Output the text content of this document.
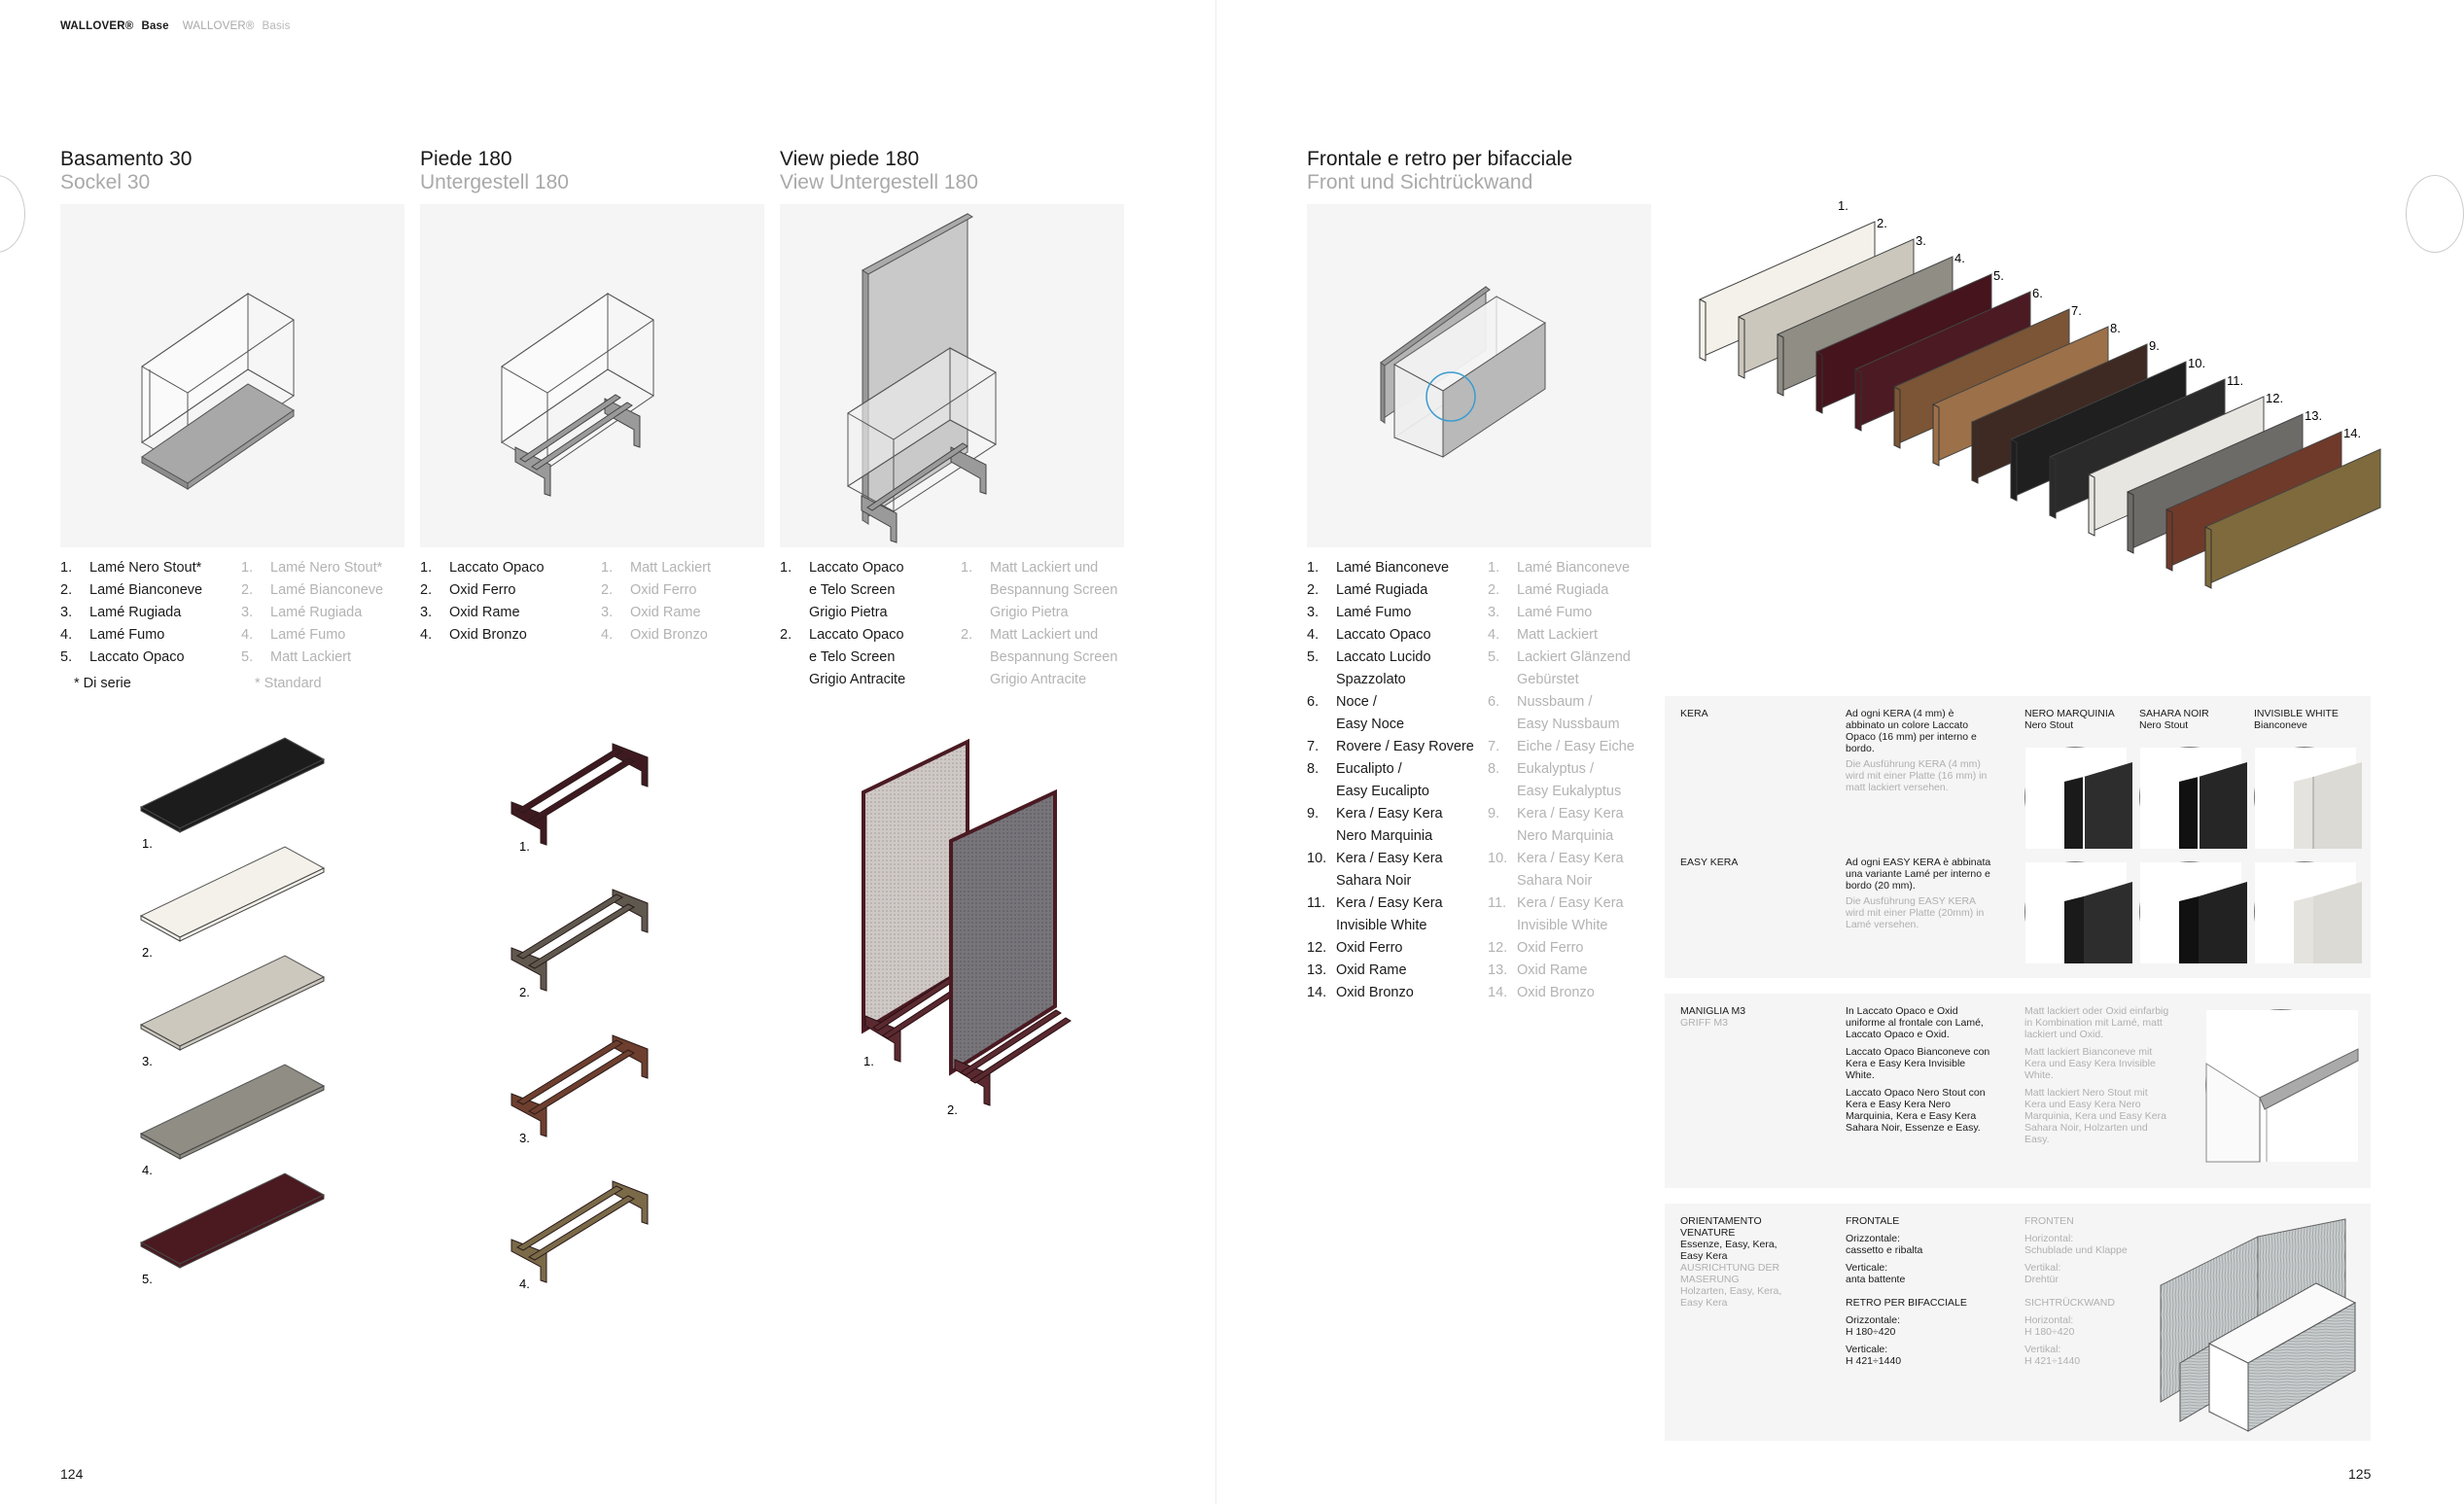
WALLOVER® Base WALLOVER® Basis
124	125
Basamento 30
Sockel 30
Piede 180
Untergestell 180
View piede 180
View Untergestell 180
Frontale e retro per bifacciale
Front und Sichtrückwand
1.	Lamé Nero Stout*
2.	Lamé Bianconeve
3.	Lamé Rugiada
4.	Lamé Fumo
5.	Laccato Opaco
* Di serie
1.	Lamé Nero Stout*
2.	Lamé Bianconeve
3.	Lamé Rugiada
4.	Lamé Fumo
5.	Matt Lackiert
* Standard
1.	Laccato Opaco
2.	Oxid Ferro
3.	Oxid Rame
4.	Oxid Bronzo
1.	Matt Lackiert
2.	Oxid Ferro
3.	Oxid Rame
4.	Oxid Bronzo
1.	Laccato Opaco
e Telo Screen
Grigio Pietra
2.	Laccato Opaco
e Telo Screen
Grigio Antracite
1.	Matt Lackiert und
Bespannung Screen
Grigio Pietra
2.	Matt Lackiert und
Bespannung Screen
Grigio Antracite
1.	Lamé Bianconeve
2.	Lamé Rugiada
3.	Lamé Fumo
4.	Laccato Opaco
5.	Laccato Lucido
Spazzolato
6.	Noce /
Easy Noce
7.	Rovere / Easy Rovere
8.	Eucalipto /
Easy Eucalipto
9.	Kera / Easy Kera
Nero Marquinia
10. Kera / Easy Kera
Sahara Noir
11. Kera / Easy Kera
Invisible White
12. Oxid Ferro
13. Oxid Rame
14. Oxid Bronzo
1.	Lamé Bianconeve
2.	Lamé Rugiada
3.	Lamé Fumo
4.	Matt Lackiert
5.	Lackiert Glänzend
Gebürstet
6.	Nussbaum /
Easy Nussbaum
7.	Eiche / Easy Eiche
8.	Eukalyptus /
Easy Eukalyptus
9.	Kera / Easy Kera
Nero Marquinia
10. Kera / Easy Kera
Sahara Noir
11. Kera / Easy Kera
Invisible White
12. Oxid Ferro
13. Oxid Rame
14. Oxid Bronzo
1.
2.
3.
4.
5.
1.
2.
3.
4.
1.
2.
1.
2.
3.
4.
5.
6.
7.
8.
9.
10.
11.
12.
13.
14.
KERA	Ad ogni KERA (4 mm) è abbinato un colore Laccato Opaco (16 mm) per interno e bordo.
Die Ausführung KERA (4 mm) wird mit einer Platte (16 mm) in matt lackiert versehen.
NERO MARQUINIA
Nero Stout
SAHARA NOIR
Nero Stout
INVISIBLE WHITE
Bianconeve
EASY KERA	Ad ogni EASY KERA è abbinata una variante Lamé per interno e bordo (20 mm).
Die Ausführung EASY KERA wird mit einer Platte (20mm) in Lamé versehen.
MANIGLIA M3
GRIFF M3
In Laccato Opaco e Oxid uniforme al frontale con Lamé, Laccato Opaco e Oxid.
Laccato Opaco Bianconeve con Kera e Easy Kera Invisible White.
Laccato Opaco Nero Stout con Kera e Easy Kera Nero Marquinia, Kera e Easy Kera Sahara Noir, Essenze e Easy.
Matt lackiert oder Oxid einfarbig in Kombination mit Lamé, matt lackiert und Oxid.
Matt lackiert Bianconeve mit Kera und Easy Kera Invisible White.
Matt lackiert Nero Stout mit Kera und Easy Kera Nero Marquinia, Kera und Easy Kera Sahara Noir, Holzarten und Easy.
ORIENTAMENTO VENATURE
Essenze, Easy, Kera, Easy Kera
AUSRICHTUNG DER MASERUNG
Holzarten, Easy, Kera, Easy Kera
FRONTALE
Orizzontale:
cassetto e ribalta
Verticale:
anta battente
RETRO PER BIFACCIALE
Orizzontale:
H 180÷420
Verticale:
H 421÷1440
FRONTEN
Horizontal:
Schublade und Klappe
Vertikal:
Drehtür
SICHTRÜCKWAND
Horizontal:
H 180÷420
Vertikal:
H 421÷1440
